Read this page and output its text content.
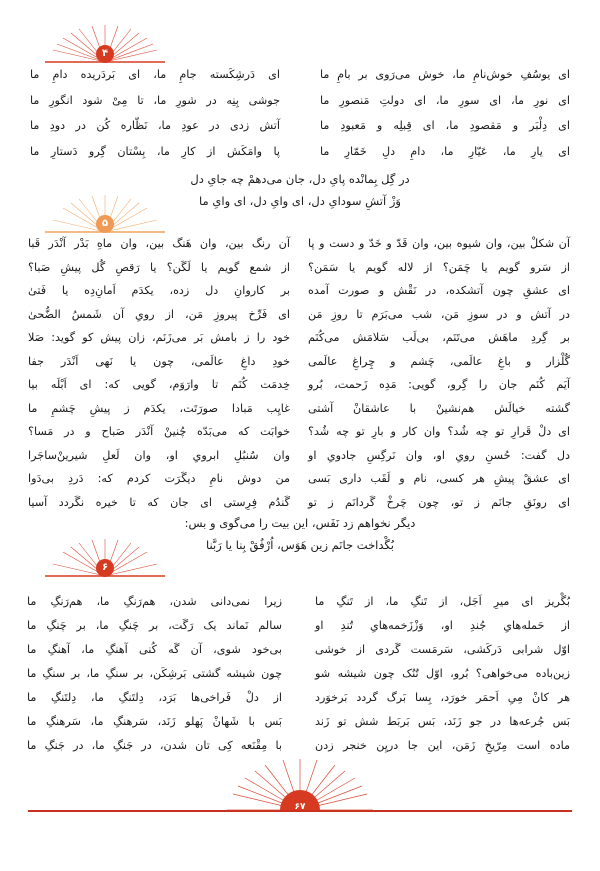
۴
ای یوسُفِ خوش‌نامِ ما، خوش می‌رَوی بر بامِ ما
ای نورِ ما، ای سورِ ما، ای دولتِ مَنصورِ ما
ای دِلْبَر و مَقصودِ ما، ای قِبلِه و مَعبودِ ما
ای یارِ ما، عَیّارِ ما، دامِ دلِ خَمّارِ ما
ای دَرشِکَسته جامِ ما، ای بَردَریده دامِ ما
جوشی بِنِه در شورِ ما، تا مِیْ شود انگورِ ما
آتش زدی در عودِ ما، نَظّاره کُن در دودِ ما
پا وامَکَش از کارِ ما، بِسْتان گِرو دَستارِ ما
در گِل بِمانْده پایِ دل، جان می‌دهمْ چه جایِ دل
وَزْ آتشِ سودایِ دل، ای وایِ دل، ای وایِ ما
۵
آن شکلْ بین، وان شیوه بین، وان قَدّ و خَدّ و دست و پا
از سَرو گویم یا چَمَن؟ از لاله گویم یا سَمَن؟
ای عشقِ چون آتشکده، در نَقْش و صورت آمده
در آتش و در سوزِ مَن، شب می‌بَرَم تا روزِ مَن
بر گِردِ ماهَش می‌تَنَم، بی‌لَب سَلامَش می‌کُنَم
گُلْزار و باغِ عالَمی، چَشم و چِراغِ عالَمی
آیَم کُنَم جان را گِرو، گویی: مَدِه زَحمت، بُرو
گشته خیالَش هم‌نشینْ با عاشقانْ آشتی
ای دلْ قَرارِ تو چه شُد؟ وان کار و بارِ تو چه شُد؟
دل گفت: حُسنِ رویِ او، وان نَرگِسِ جادویِ او
ای عشقْ پیشِ هر کسی، نام و لَقَب داری بَسی
ای رونَقِ جانَم ز تو، چون چَرخْ گَردانَم ز تو
آن رنگ بین، وان هَنگ بین، وان ماهِ بَدْر آنْدَر قَبا
از شمع گویم یا لَگَن؟ یا رَقصِ گُل پیشِ صَبا؟
بر کاروانِ دل زده، یکدَم اَمانِ‌دِه یا فَتیٰ
ای فَرِّخ پیروزِ مَن، از رویِ آن شَمسُ الضُّحیٰ
خود را ز بامش بَر می‌زَنَم، زان پیش کو گوید: صَلا
خودِ داغِ عالَمی، چون یا نَهی اَنْدَر جفا
خِدمَت کُنَم تا وارَوَم، گویی که: ای اَبْلَه بیا
غایِب مَبادا صورَتَت، یکدَم ز پیشِ چَشمِ ما
خوابَت که می‌بَدّه چُنینْ آنْدَر صَباح و در مَسا؟
وان سُنبُلِ ابرویِ او، وان لَعلِ شیرینْ‌ساجَرا
من دوش نامِ دیگَرَت کردم که: دَردِ بی‌دَوا
گَندُم فِرِستی ای جان که تا خیره نگَردد آسیا
دیگر نخواهم زد نَفَس، این بیت را می‌گوی و بس:
بُگْداخت جانَم زین هَوَس، اُرْفُقْ بِنا یا رَبَّنا
۶
بُگْریز ای میرِ اَجَل، از تَنگِ ما، از تَنگِ ما
از حَمله‌هایِ جُندِ او، وَزْزَخمه‌هایِ تُندِ او
اوّل شرابی دَرکَشی، سَرمَست گَردی از خوشی
زین‌باده می‌خواهی؟ بُرو، اوّل تُنُک چون شیشه شو
هر کانْ مِیِ اَحمَر خورَد، بِسا بَرگ گردد بَرخوَرد
بَس جُرعه‌ها در جو زَنَد، بَس بَربَط شش تو زَند
ماده است مِرّیخِ زَمَن، این جا دریِن خنجر زدن
زیرا نمی‌دانی شدن، هم‌رَنگِ ما، هم‌رَنگِ ما
سالم نَماند یک رَگَت، بر چَنگِ ما، بر چَنگِ ما
بی‌خود شوی، آن گَه کُنی آهنگِ ما، آهنگِ ما
چون شیشه گشتی بَرشِکَن، بر سنگِ ما، بر سنگِ ما
از دلْ فَراخی‌ها بَرَد، دِلتَنگِ ما، دِلتَنگِ ما
بَس با شَهانْ پَهلو زَنَد، سَرهنگِ ما، سَرهنگِ ما
با مِقْنَعه کِی تان شدن، در جَنگِ ما، در جَنگِ ما
۶۷
